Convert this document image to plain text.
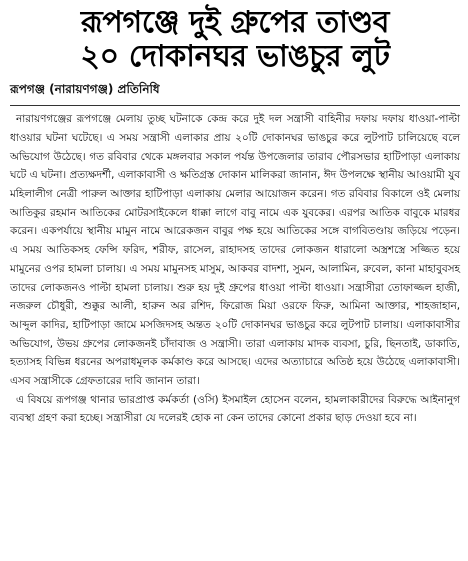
রূপগঞ্জে দুই গ্রুপের তাণ্ডব
২০ দোকানঘর ভাঙচুর লুট
রূপগঞ্জ (নারায়ণগঞ্জ) প্রতিনিধি

নারায়ণগঞ্জের রূপগঞ্জে মেলায় তুচ্ছ ঘটনাকে কেন্দ্র করে দুই দল সন্ত্রাসী বাহিনীর দফায় দফায় ধাওয়া-পাল্টা ধাওয়ার ঘটনা ঘটেছে। এ সময় সন্ত্রাসী এলাকার প্রায় ২০টি দোকানঘর ভাঙচুর করে লুটপাট চালিয়েছে বলে অভিযোগ উঠেছে। গত রবিবার থেকে মঙ্গলবার সকাল পর্যন্ত উপজেলার তারাব পৌরসভার হাটিপাড়া এলাকায় ঘটে এ ঘটনা। প্রত্যক্ষদর্শী, এলাকাবাসী ও ক্ষতিগ্রস্ত দোকান মালিকরা জানান, ঈদ উপলক্ষে স্থানীয় আওয়ামী যুব মহিলালীগ নেত্রী পারুল আক্তার হাটিপাড়া এলাকায় মেলার আয়োজন করেন। গত রবিবার বিকালে ওই মেলায় আতিকুর রহমান আতিকের মোটরসাইকেলে ধাক্কা লাগে বাবু নামে এক যুবকের। এরপর আতিক বাবুকে মারধর করেন। একপর্যায়ে স্থানীয় মামুন নামে আরেকজন বাবুর পক্ষ হয়ে আতিকের সঙ্গে বাগবিতণ্ডায় জড়িয়ে পড়েন। এ সময় আতিকসহ ফেন্সি ফরিদ, শরীফ, রাসেল, রাহাদসহ তাদের লোকজন ধারালো অস্ত্রশস্ত্রে সজ্জিত হয়ে মামুনের ওপর হামলা চালায়। এ সময় মামুনসহ মাসুম, আকবর বাদশা, সুমন, আলামিন, রুবেল, কানা মাহাবুবসহ তাদের লোকজনও পাল্টা হামলা চালায়। শুরু হয় দুই গ্রুপের ধাওয়া পাল্টা ধাওয়া। সন্ত্রাসীরা তোফাজ্জল হাজী, নজরুল চৌধুরী, শুক্কুর আলী, হারুন অর রশিদ, ফিরোজ মিয়া ওরফে ফিরু, আমিনা আক্তার, শাহজাহান, আব্দুল কাদির, হাটিপাড়া জামে মসজিদসহ অন্তত ২০টি দোকানঘর ভাঙচুর করে লুটপাট চালায়। এলাকাবাসীর অভিযোগ, উভয় গ্রুপের লোকজনই চাঁদাবাজ ও সন্ত্রাসী। তারা এলাকায় মাদক ব্যবসা, চুরি, ছিনতাই, ডাকাতি, হত্যাসহ বিভিন্ন ধরনের অপরাধমূলক কর্মকাণ্ড করে আসছে। এদের অত্যাচারে অতিষ্ঠ হয়ে উঠেছে এলাকাবাসী। এসব সন্ত্রাসীকে গ্রেফতারের দাবি জানান তারা।

এ বিষয়ে রূপগঞ্জ থানার ভারপ্রাপ্ত কর্মকর্তা (ওসি) ইসমাইল হোসেন বলেন, হামলাকারীদের বিরুদ্ধে আইনানুগ ব্যবস্থা গ্রহণ করা হচ্ছে। সন্ত্রাসীরা যে দলেরই হোক না কেন তাদের কোনো প্রকার ছাড় দেওয়া হবে না।
